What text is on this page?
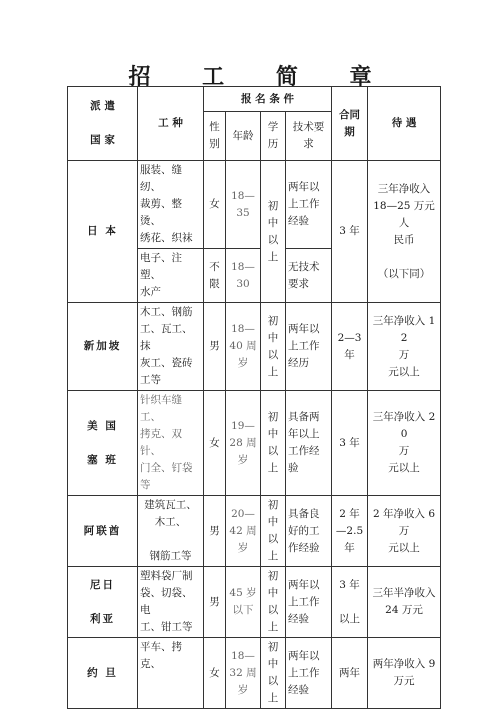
招 工 简 章
派 遣

国 家	工 种	报 名 条 件				合同
期	待 遇
		性
别	年龄	学
历	技术要
求		
日 本	服装、缝纫、
裁剪、整烫、
绣花、织袜	女	18—
35	初
中
以
上	两年以
上工作
经验	3 年	三年净收入
18—25 万元人
民币

（以下同）
	电子、注塑、
水产	不
限	18—
30		无技术
要求		
新加坡	木工、钢筋
工、瓦工、抹
灰工、瓷砖
工等	男	18—
40 周
岁	初
中
以
上	两年以
上工作
经历	2—3
年	三年净收入 12
万
元以上
美 国

塞 班	针织车缝工、
拷克、双针、
门全、钉袋
等	女	19—
28 周
岁	初
中
以
上	具备两
年以上
工作经
验	3 年	三年净收入 20
万
元以上
阿联酋	建筑瓦工、
木工、

钢筋工等	男	20—
42 周
岁	初
中
以
上	具备良
好的工
作经验	2 年
—2.5
年	2 年净收入 6
万
元以上
尼日

利亚	塑料袋厂制
袋、切袋、电
工、钳工等	男	45 岁
以下	初
中
以
上	两年以
上工作
经验	3 年

以上	三年半净收入
24 万元
约 旦	平车、拷克、	女	18—
32 周
岁	初
中
以
上	两年以
上工作
经验	两年	两年净收入 9
万元
